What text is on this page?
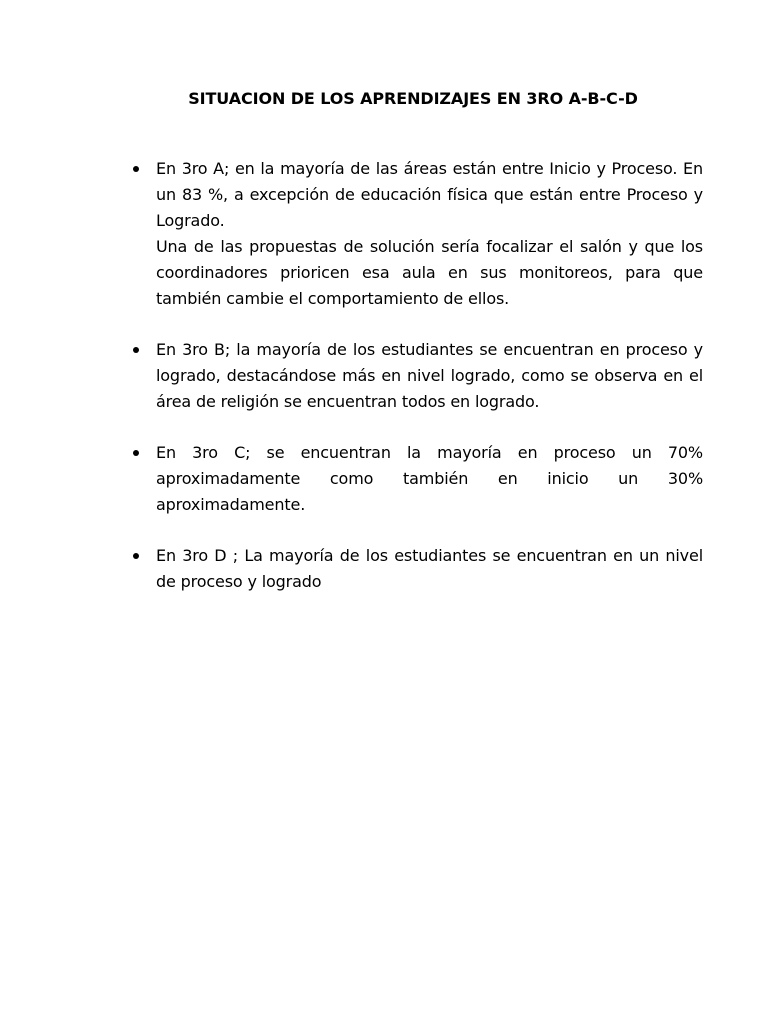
SITUACION DE LOS APRENDIZAJES EN 3RO A-B-C-D
En 3ro A; en la mayoría de las áreas están entre Inicio y Proceso. En un 83 %, a excepción de educación física que están entre Proceso y Logrado.
Una de las propuestas de solución sería focalizar el salón y que los coordinadores prioricen esa aula en sus monitoreos, para que también cambie el comportamiento de ellos.
En 3ro B; la mayoría de los estudiantes se encuentran en proceso y logrado, destacándose más en nivel logrado, como se observa en el área de religión se encuentran todos en logrado.
En 3ro C; se encuentran la mayoría en proceso un 70% aproximadamente como también en inicio un 30% aproximadamente.
En 3ro D ; La mayoría de los estudiantes se encuentran en un nivel de proceso y logrado
